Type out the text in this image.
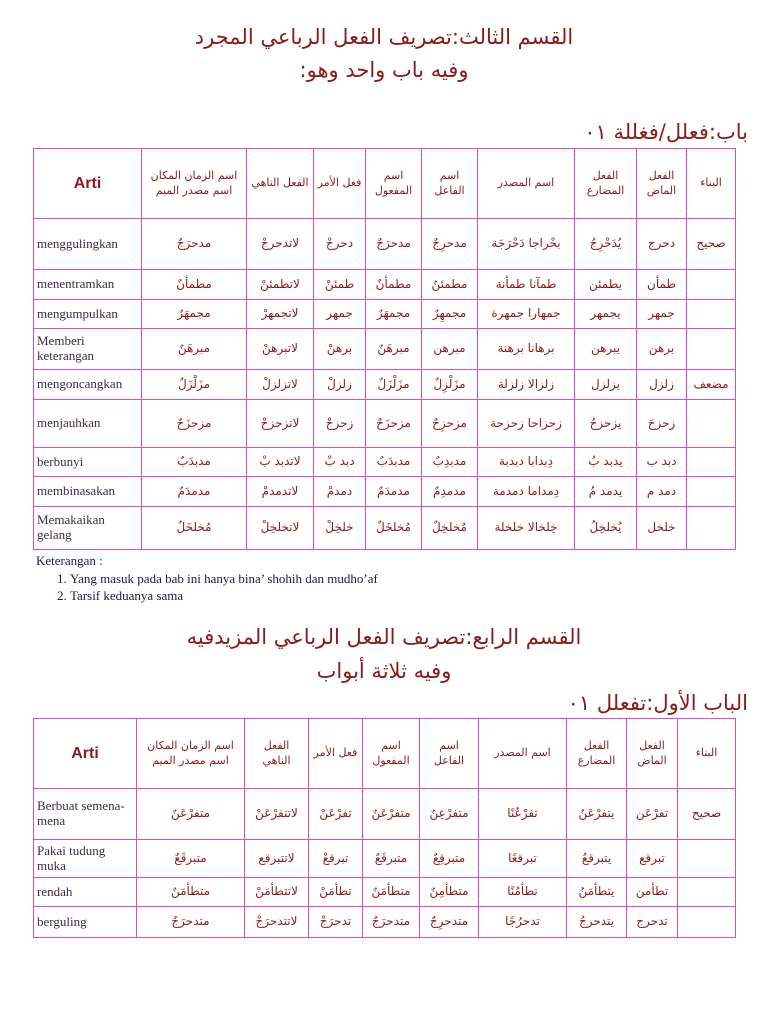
القسم الثالث:تصريف الفعل الرباعي المجرد
وفيه باب واحد وهو:
باب:فعلل/فغللة ٠١
Arti	اسم الزمان المكان اسم مصدر الميم	الفعل الناهي	فعل الأمر	اسم المفعول	اسم الفاعل	اسم المصدر	الفعل المضارع	الفعل الماض	البناء
menggulingkan	مدحرَجٌ	لاتدحرجْ	دحرجْ	مدحرَجٌ	مدحرِجٌ	بحْراجا دَحْرَجَة	يُدَحْرِجُ	دحرج	صحيح
menentramkan	مطمأنٌ	لاتطمئنْ	طمئنْ	مطمأنٌ	مطمئنٌ	طمآنا طمأنة	يطمئن	طمأن	
mengumpulkan	مجمهَرٌ	لاتجمهرْ	جمهر	مجمهَرٌ	مجمهِرٌ	جمهارا جمهرة	يجمهر	جمهر	
Memberi keterangan	مبرهَنٌ	لاتبرهنْ	برهنْ	مبرهَنٌ	مبرهن	برهانا برهنة	يبرهن	برهن	
mengoncangkan	مزَلْزَلٌ	لاتزلزلْ	زلزلْ	مزَلْزَلٌ	مزَلْزِلٌ	زلزالا زلزلة	يزلزل	زلزل	مضعف
menjauhkan	مزحزَحٌ	لاتزحزحْ	زحزحْ	مزحزَحٌ	مزحزِحٌ	زحزاحا زحزحة	يزحزحُ	زحزحَ	
berbunyi	مدبدَبٌ	لاتدبد بْ	دبد بْ	مدبدَبٌ	مدبدِبٌ	دِبدابا دبدبة	يدبد بُ	دبد ب	
membinasakan	مدمدَمٌ	لاتدمدمْ	دمدمْ	مدمدَمٌ	مدمدِمٌ	دِمداما دمدمة	يدمد مُ	دمد م	
Memakaikan gelang	مُخلخَلٌ	لاتخلخِلْ	خلخِلْ	مُخلخَلٌ	مُخلخِلٌ	خِلخالا خلخلة	يُخلخِلُ	خلخل	
Keterangan :
1. Yang masuk pada bab ini hanya bina’ shohih dan mudho’af
2. Tarsif keduanya sama
القسم الرابع:تصريف الفعل الرباعي المزيدفيه
وفيه ثلاثة أبواب
الباب الأول:تفعلل ٠١
Arti	اسم الزمان المكان اسم مصدر الميم	الفعل الناهي	فعل الأمر	اسم المفعول	اسم الفاعل	اسم المصدر	الفعل المضارع	الفعل الماض	البناء
Berbuat semena-mena	متفرْعَنٌ	لاتتفرْعَنْ	تفرْعَنْ	متفرْعَنٌ	متفرْعِنٌ	تفرْعُنًا	يتفرْعَنُ	تفرْعَن	صحيح
Pakai tudung muka	متبرقَعٌ	لاتتبرقع	تبرقعْ	متبرقَعٌ	متبرقِعٌ	تبرقعًا	يتبرقعُ	تبرقع	
rendah	متطأمَنٌ	لاتتطأمَنْ	تطأمَنْ	متطأمَنٌ	متطأمِنٌ	تطأمُنًا	يتطأمَنُ	تطأمن	
berguling	متدحرَجٌ	لاتتدحرَجْ	تدحرَجْ	متدحرَجٌ	متدحرِجٌ	تدحرُجًا	يتدحرجُ	تدحرج	
